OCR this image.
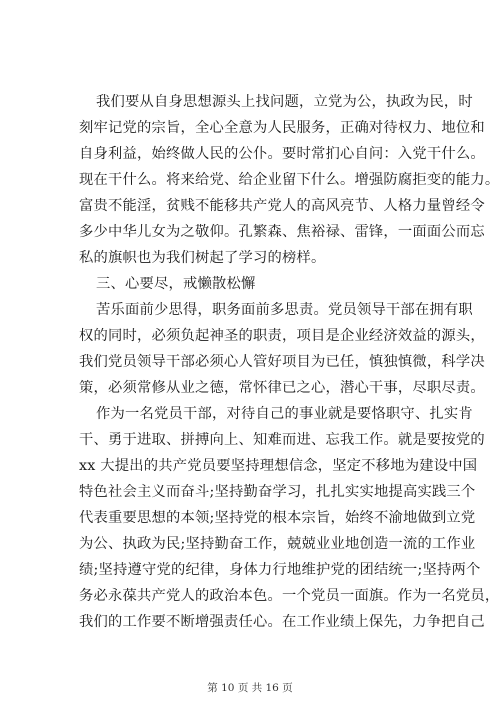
我们要从自身思想源头上找问题，立党为公，执政为民，时
刻牢记党的宗旨，全心全意为人民服务，正确对待权力、地位和
自身利益，始终做人民的公仆。要时常扪心自问：入党干什么。
现在干什么。将来给党、给企业留下什么。增强防腐拒变的能力。
富贵不能淫，贫贱不能移共产党人的高风亮节、人格力量曾经令
多少中华儿女为之敬仰。孔繁森、焦裕禄、雷锋，一面面公而忘
私的旗帜也为我们树起了学习的榜样。
三、心要尽，戒懒散松懈
苦乐面前少思得，职务面前多思责。党员领导干部在拥有职
权的同时，必须负起神圣的职责，项目是企业经济效益的源头，
我们党员领导干部必须心人管好项目为已任，慎独慎微，科学决
策，必须常修从业之德，常怀律已之心，潜心干事，尽职尽责。
作为一名党员干部，对待自己的事业就是要恪职守、扎实肯
干、勇于进取、拼搏向上、知难而进、忘我工作。就是要按党的
xx 大提出的共产党员要坚持理想信念，坚定不移地为建设中国
特色社会主义而奋斗;坚持勤奋学习，扎扎实实地提高实践三个
代表重要思想的本领;坚持党的根本宗旨，始终不渝地做到立党
为公、执政为民;坚持勤奋工作，兢兢业业地创造一流的工作业
绩;坚持遵守党的纪律，身体力行地维护党的团结统一;坚持两个
务必永葆共产党人的政治本色。一个党员一面旗。作为一名党员，
我们的工作要不断增强责任心。在工作业绩上保先，力争把自己
第 10 页 共 16 页
